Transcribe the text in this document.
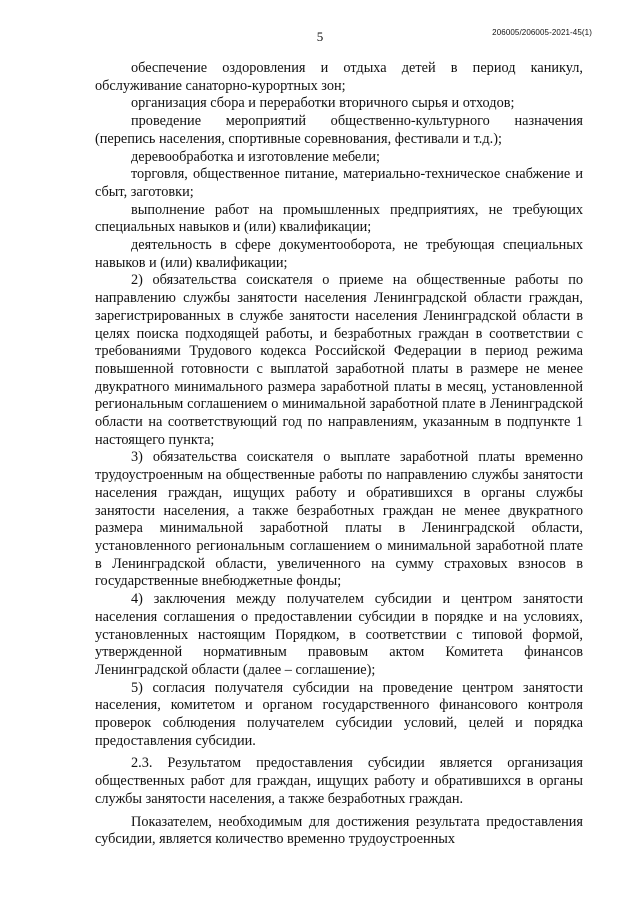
5	206005/206005-2021-45(1)

обеспечение оздоровления и отдыха детей в период каникул, обслуживание санаторно-курортных зон;

организация сбора и переработки вторичного сырья и отходов;

проведение мероприятий общественно-культурного назначения (перепись населения, спортивные соревнования, фестивали и т.д.);

деревообработка и изготовление мебели;

торговля, общественное питание, материально-техническое снабжение и сбыт, заготовки;

выполнение работ на промышленных предприятиях, не требующих специальных навыков и (или) квалификации;

деятельность в сфере документооборота, не требующая специальных навыков и (или) квалификации;

2) обязательства соискателя о приеме на общественные работы по направлению службы занятости населения Ленинградской области граждан, зарегистрированных в службе занятости населения Ленинградской области в целях поиска подходящей работы, и безработных граждан в соответствии с требованиями Трудового кодекса Российской Федерации в период режима повышенной готовности с выплатой заработной платы в размере не менее двукратного минимального размера заработной платы в месяц, установленной региональным соглашением о минимальной заработной плате в Ленинградской области на соответствующий год по направлениям, указанным в подпункте 1 настоящего пункта;

3) обязательства соискателя о выплате заработной платы временно трудоустроенным на общественные работы по направлению службы занятости населения граждан, ищущих работу и обратившихся в органы службы занятости населения, а также безработных граждан не менее двукратного размера минимальной заработной платы в Ленинградской области, установленного региональным соглашением о минимальной заработной плате в Ленинградской области, увеличенного на сумму страховых взносов в государственные внебюджетные фонды;

4) заключения между получателем субсидии и центром занятости населения соглашения о предоставлении субсидии в порядке и на условиях, установленных настоящим Порядком, в соответствии с типовой формой, утвержденной нормативным правовым актом Комитета финансов Ленинградской области (далее – соглашение);

5) согласия получателя субсидии на проведение центром занятости населения, комитетом и органом государственного финансового контроля проверок соблюдения получателем субсидии условий, целей и порядка предоставления субсидии.

2.3. Результатом предоставления субсидии является организация общественных работ для граждан, ищущих работу и обратившихся в органы службы занятости населения, а также безработных граждан.

Показателем, необходимым для достижения результата предоставления субсидии, является количество временно трудоустроенных
